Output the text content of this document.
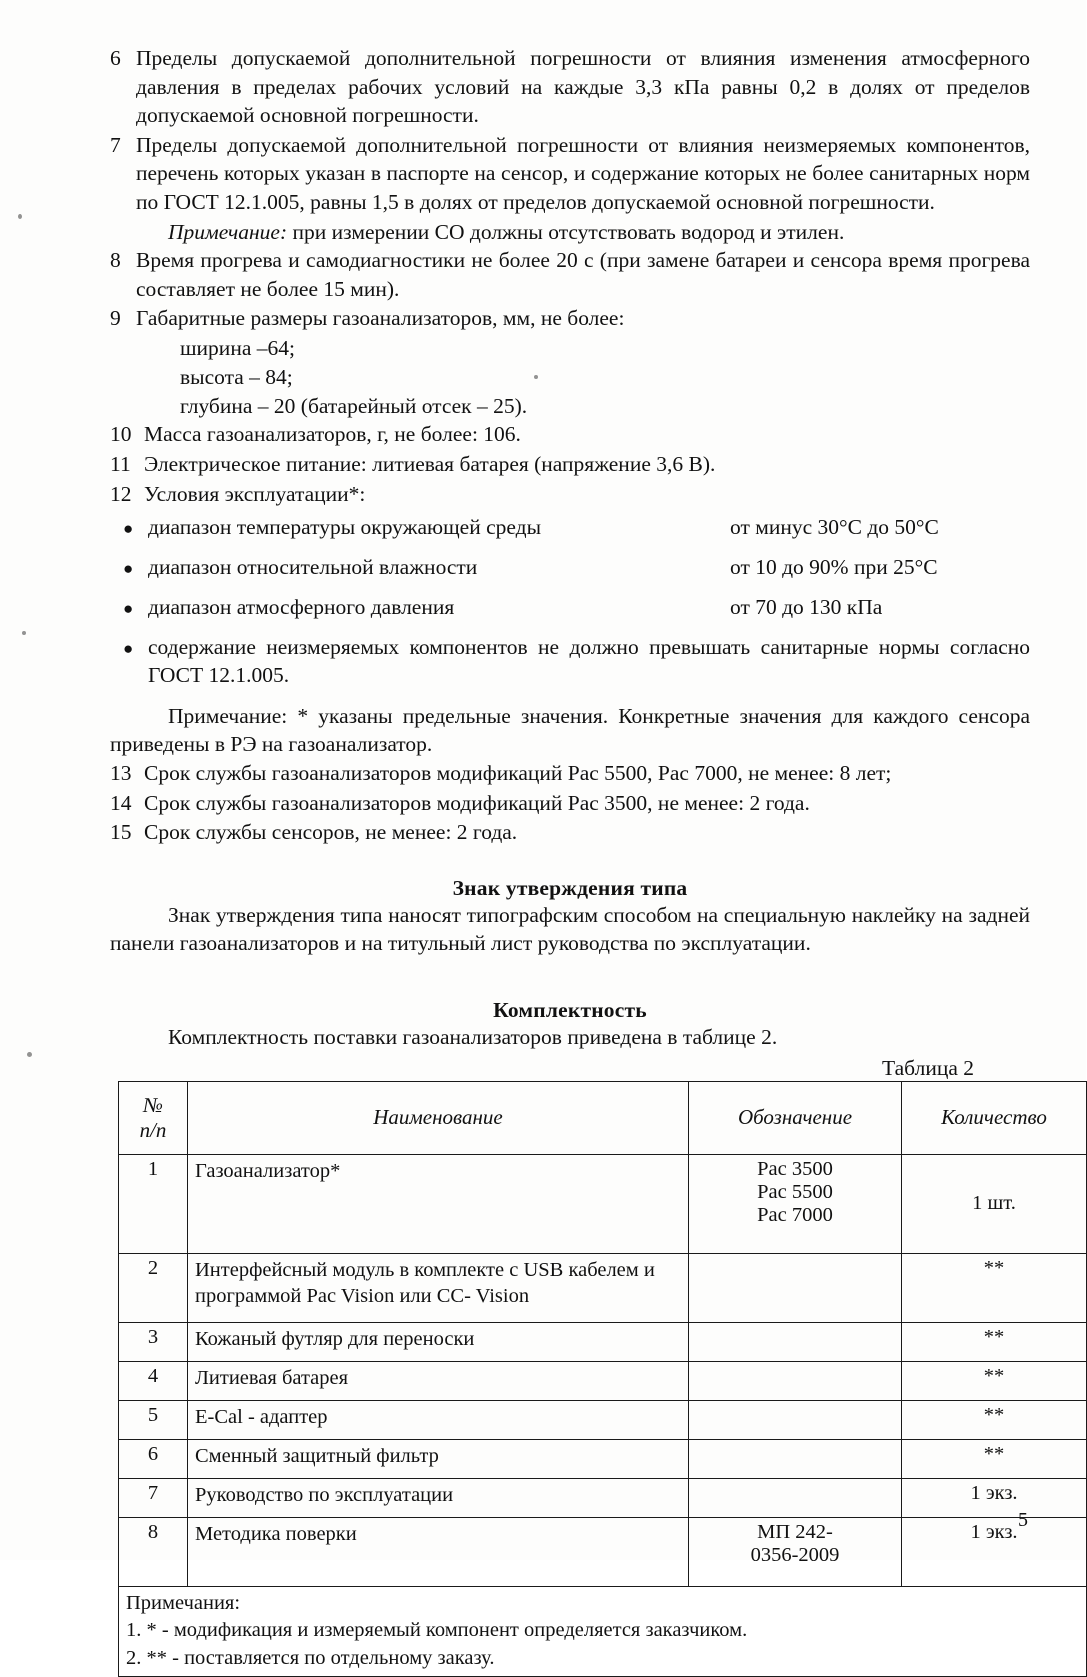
6 Пределы допускаемой дополнительной погрешности от влияния изменения атмосферного давления в пределах рабочих условий на каждые 3,3 кПа равны 0,2 в долях от пределов допускаемой основной погрешности.
7 Пределы допускаемой дополнительной погрешности от влияния неизмеряемых компонентов, перечень которых указан в паспорте на сенсор, и содержание которых не более санитарных норм по ГОСТ 12.1.005, равны 1,5 в долях от пределов допускаемой основной погрешности.
Примечание: при измерении СО должны отсутствовать водород и этилен.
8 Время прогрева и самодиагностики не более 20 с (при замене батареи и сенсора время прогрева составляет не более 15 мин).
9 Габаритные размеры газоанализаторов, мм, не более:
ширина –64;
высота – 84;
глубина – 20 (батарейный отсек – 25).
10 Масса газоанализаторов, г, не более: 106.
11 Электрическое питание: литиевая батарея (напряжение 3,6 В).
12 Условия эксплуатации*:
● диапазон температуры окружающей среды	от минус 30°С до 50°С
● диапазон относительной влажности	от 10 до 90% при 25°С
● диапазон атмосферного давления	от 70 до 130 кПа
● содержание неизмеряемых компонентов не должно превышать санитарные нормы согласно ГОСТ 12.1.005.
Примечание: * указаны предельные значения. Конкретные значения для каждого сенсора приведены в РЭ на газоанализатор.
13 Срок службы газоанализаторов модификаций Pac 5500, Pac 7000, не менее: 8 лет;
14 Срок службы газоанализаторов модификаций Pac 3500, не менее: 2 года.
15 Срок службы сенсоров, не менее: 2 года.
Знак утверждения типа
Знак утверждения типа наносят типографским способом на специальную наклейку на задней панели газоанализаторов и на титульный лист руководства по эксплуатации.
Комплектность
Комплектность поставки газоанализаторов приведена в таблице 2.
Таблица 2
№
п/п	Наименование	Обозначение	Количество
1	Газоанализатор*	Pac 3500
Pac 5500
Pac 7000	1 шт.
2	Интерфейсный модуль в комплекте с USB кабелем и программой Pac Vision или CC- Vision		**
3	Кожаный футляр для переноски		**
4	Литиевая батарея		**
5	E-Cal - адаптер		**
6	Сменный защитный фильтр		**
7	Руководство по эксплуатации		1 экз.
8	Методика поверки	МП 242-
0356-2009	1 экз.

Примечания:
1. * - модификация и измеряемый компонент определяется заказчиком.
2. ** - поставляется по отдельному заказу.			
5
